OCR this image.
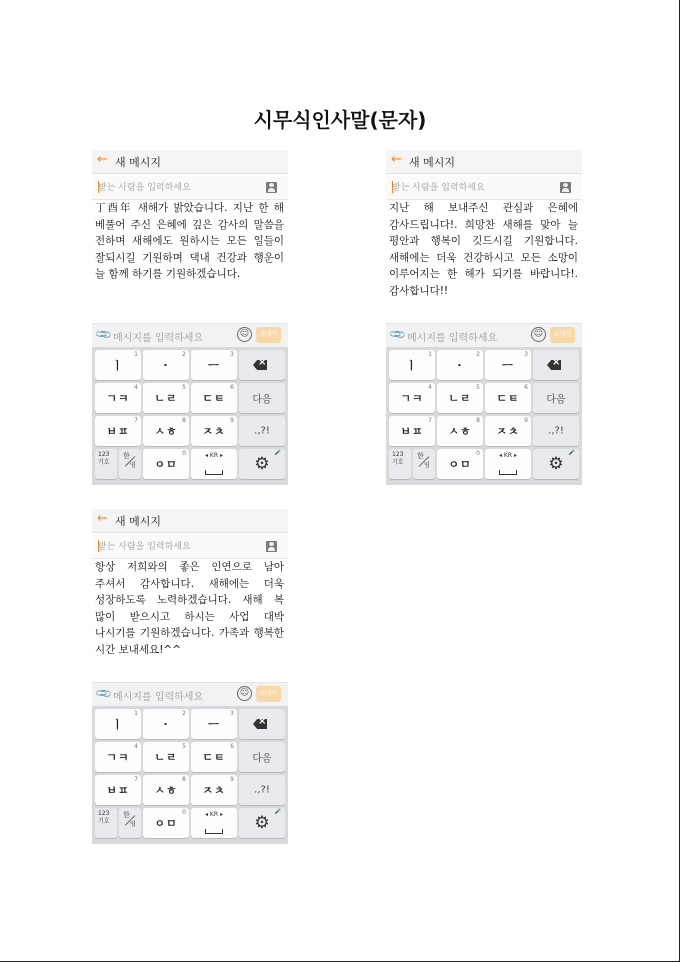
시무식인사말(문자)
← 새 메시지
받는 사람을 입력하세요
丁酉年 새해가 밝았습니다. 지난 한 해 베풀어 주신 은혜에 깊은 감사의 말씀을 전하며 새해에도 원하시는 모든 일들이 잘되시길 기원하며 댁내 건강과 행운이 늘 함께 하기를 기원하겠습니다.
📎 메시지를 입력하세요	☺	보내기
ㅣ
1
·
2
ㅡ
3
×
ㄱㅋ
4
ㄴㄹ
5
ㄷㅌ
6
다음
ㅂㅍ
7
ㅅㅎ
8
ㅈㅊ
9
.,?!
123
기호
한
영	ㅇㅁ
0	◂ KR ▸	⚙
🎤
← 새 메시지
받는 사람을 입력하세요
지난 해 보내주신 관심과 은혜에 감사드립니다!. 희망찬 새해를 맞아 늘 평안과 행복이 깃드시길 기원합니다. 새해에는 더욱 건강하시고 모든 소망이 이루어지는 한 해가 되기를 바랍니다!. 감사합니다!!
📎 메시지를 입력하세요	☺	보내기
ㅣ
1
·
2
ㅡ
3
×
ㄱㅋ
4
ㄴㄹ
5
ㄷㅌ
6
다음
ㅂㅍ
7
ㅅㅎ
8
ㅈㅊ
9
.,?!
123
기호
한
영	ㅇㅁ
0	◂ KR ▸	⚙
🎤
← 새 메시지
받는 사람을 입력하세요
항상 저희와의 좋은 인연으로 남아 주셔서 감사합니다. 새해에는 더욱 성장하도록 노력하겠습니다. 새해 복 많이 받으시고 하시는 사업 대박 나시기를 기원하겠습니다. 가족과 행복한 시간 보내세요!^^
📎 메시지를 입력하세요	☺	보내기
ㅣ
1
·
2
ㅡ
3
×
ㄱㅋ
4
ㄴㄹ
5
ㄷㅌ
6
다음
ㅂㅍ
7
ㅅㅎ
8
ㅈㅊ
9
.,?!
123
기호
한
영	ㅇㅁ
0	◂ KR ▸	⚙
🎤
